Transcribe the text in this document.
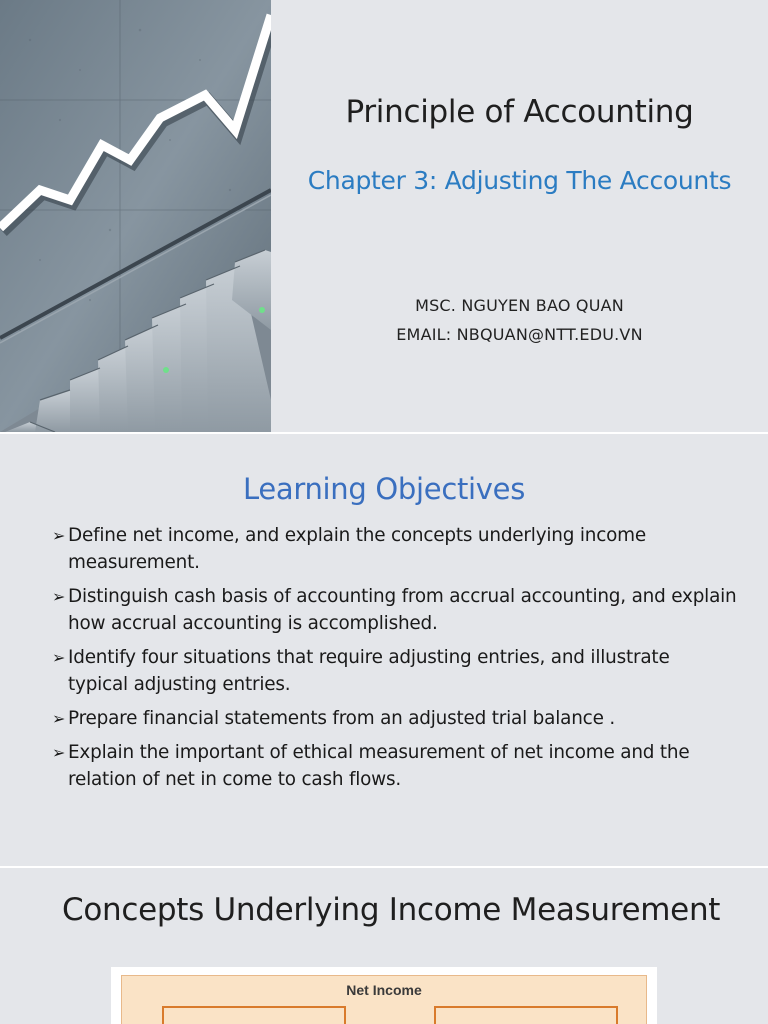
Principle of Accounting
Chapter 3: Adjusting The Accounts
MSC. NGUYEN BAO QUAN
EMAIL: NBQUAN@NTT.EDU.VN
Learning Objectives
➢ Define net income, and explain the concepts underlying income
measurement.
➢ Distinguish cash basis of accounting from accrual accounting, and explain
how accrual accounting is accomplished.
➢ Identify four situations that require adjusting entries, and illustrate
typical adjusting entries.
➢ Prepare financial statements from an adjusted trial balance .
➢ Explain the important of ethical measurement of net income and the
relation of net in come to cash flows.
Concepts Underlying Income Measurement
Net Income
